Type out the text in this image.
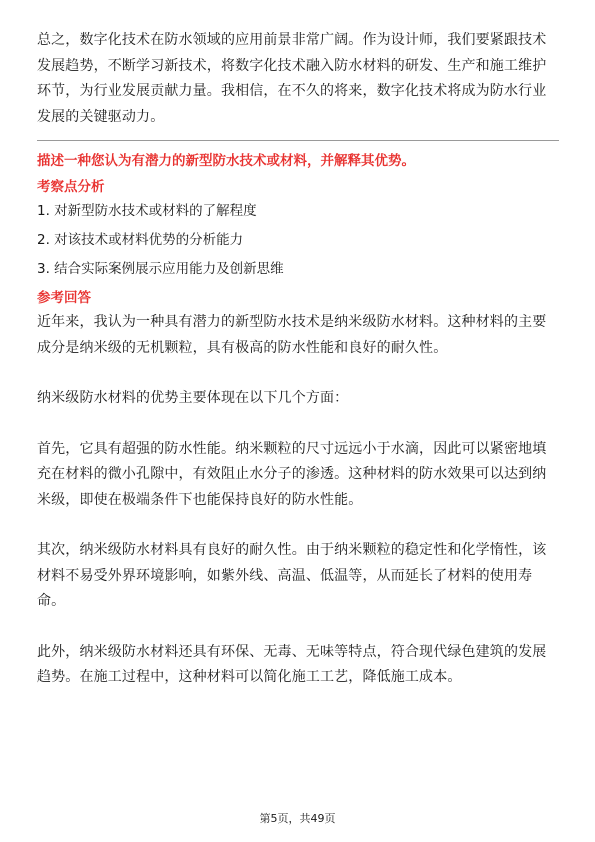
总之，数字化技术在防水领域的应用前景非常广阔。作为设计师，我们要紧跟技术发展趋势，不断学习新技术，将数字化技术融入防水材料的研发、生产和施工维护环节，为行业发展贡献力量。我相信，在不久的将来，数字化技术将成为防水行业发展的关键驱动力。

描述一种您认为有潜力的新型防水技术或材料，并解释其优势。
考察点分析
1. 对新型防水技术或材料的了解程度
2. 对该技术或材料优势的分析能力
3. 结合实际案例展示应用能力及创新思维
参考回答

近年来，我认为一种具有潜力的新型防水技术是纳米级防水材料。这种材料的主要成分是纳米级的无机颗粒，具有极高的防水性能和良好的耐久性。

纳米级防水材料的优势主要体现在以下几个方面：

首先，它具有超强的防水性能。纳米颗粒的尺寸远远小于水滴，因此可以紧密地填充在材料的微小孔隙中，有效阻止水分子的渗透。这种材料的防水效果可以达到纳米级，即使在极端条件下也能保持良好的防水性能。

其次，纳米级防水材料具有良好的耐久性。由于纳米颗粒的稳定性和化学惰性，该材料不易受外界环境影响，如紫外线、高温、低温等，从而延长了材料的使用寿命。

此外，纳米级防水材料还具有环保、无毒、无味等特点，符合现代绿色建筑的发展趋势。在施工过程中，这种材料可以简化施工工艺，降低施工成本。

第5页，共49页
